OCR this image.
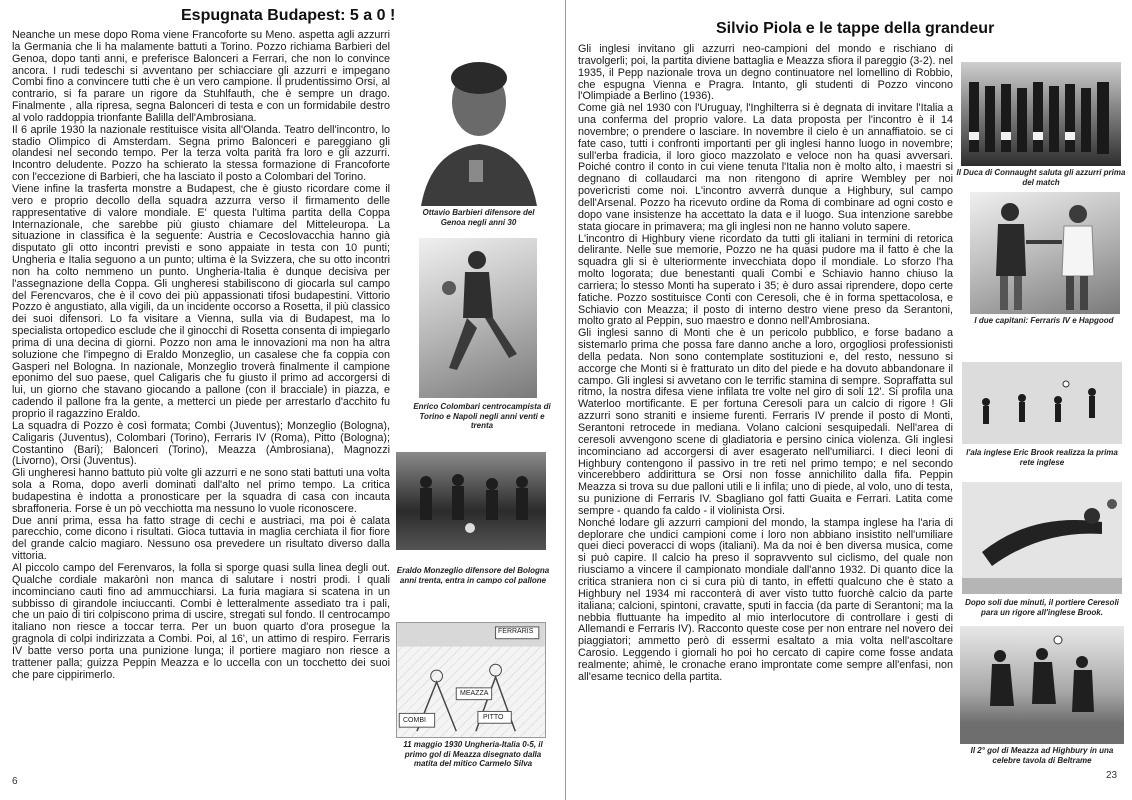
Espugnata Budapest: 5 a 0 !

Neanche un mese dopo Roma viene Francoforte su Meno. aspetta agli azzurri la Germania che li ha malamente battuti a Torino. Pozzo richiama Barbieri del Genoa, dopo tanti anni, e preferisce Balonceri a Ferrari, che non lo convince ancora. I rudi tedeschi si avventano per schiacciare gli azzurri e impegano Combi fino a convincere tutti che è un vero campione. Il prudentissimo Orsi, al contrario, si fa parare un rigore da Stuhlfauth, che è sempre un drago. Finalmente , alla ripresa, segna Balonceri di testa e con un formidabile destro al volo raddoppia trionfante Balilla dell'Ambrosiana.

Il 6 aprile 1930 la nazionale restituisce visita all'Olanda. Teatro dell'incontro, lo stadio Olimpico di Amsterdam. Segna primo Balonceri e pareggiano gli olandesi nel secondo tempo. Per la terza volta parità fra loro e gli azzurri. Incontro deludente. Pozzo ha schierato la stessa formazione di Francoforte con l'eccezione di Barbieri, che ha lasciato il posto a Colombari del Torino.

Viene infine la trasferta monstre a Budapest, che è giusto ricordare come il vero e proprio decollo della squadra azzurra verso il firmamento delle rappresentative di valore mondiale. E' questa l'ultima partita della Coppa Internazionale, che sarebbe più giusto chiamare del Mitteleuropa. La situazione in classifica è la seguente: Austria e Cecoslovacchia hanno già disputato gli otto incontri previsti e sono appaiate in testa con 10 punti; Ungheria e Italia seguono a un punto; ultima è la Svizzera, che su otto incontri non ha colto nemmeno un punto. Ungheria-Italia è dunque decisiva per l'assegnazione della Coppa. Gli ungheresi stabiliscono di giocarla sul campo del Ferencvaros, che è il covo dei più appassionati tifosi budapestini. Vittorio Pozzo è angustiato, alla vigili, da un incidente occorso a Rosetta, il più classico dei suoi difensori. Lo fa visitare a Vienna, sulla via di Budapest, ma lo specialista ortopedico esclude che il ginocchi di Rosetta consenta di impiegarlo prima di una decina di giorni. Pozzo non ama le innovazioni ma non ha altra soluzione che l'impegno di Eraldo Monzeglio, un casalese che fa coppia con Gasperi nel Bologna. In nazionale, Monzeglio troverà finalmente il campione eponimo del suo paese, quel Caligaris che fu giusto il primo ad accorgersi di lui, un giorno che stavano giocando a pallone (con il bracciale) in piazza, e cadendo il pallone fra la gente, a metterci un piede per arrestarlo d'acchito fu proprio il ragazzino Eraldo.

La squadra di Pozzo è così formata; Combi (Juventus); Monzeglio (Bologna), Caligaris (Juventus), Colombari (Torino), Ferraris IV (Roma), Pitto (Bologna); Costantino (Bari); Balonceri (Torino), Meazza (Ambrosiana), Magnozzi (Livorno), Orsi (Juventus).

Gli ungheresi hanno battuto più volte gli azzurri e ne sono stati battuti una volta sola a Roma, dopo averli dominati dall'alto nel primo tempo. La critica budapestina è indotta a pronosticare per la squadra di casa con incauta sbraffoneria. Forse è un pò vecchiotta ma nessuno lo vuole riconoscere.

Due anni prima, essa ha fatto strage di cechi e austriaci, ma poi è calata parecchio, come dicono i risultati. Gioca tuttavia in maglia cerchiata il fior fiore del grande calcio magiaro. Nessuno osa prevedere un risultato diverso dalla vittoria.

Al piccolo campo del Ferenvaros, la folla si sporge quasi sulla linea degli out. Qualche cordiale makarònì non manca di salutare i nostri prodi. I quali incominciano cauti fino ad ammucchiarsi. La furia magiara si scatena in un subbisso di girandole inciuccanti. Combi è letteralmente assediato tra i pali, che un paio di tiri colpiscono prima di uscire, stregati sul fondo. Il centrocampo italiano non riesce a toccar terra. Per un buon quarto d'ora prosegue la gragnola di colpi indirizzata a Combi. Poi, al 16', un attimo di respiro. Ferraris IV batte verso porta una punizione lunga; il portiere magiaro non riesce a trattener palla; guizza Peppin Meazza e lo uccella con un tocchetto dei suoi che pare cippirimerlo.

Ottavio Barbieri difensore del Genoa negli anni 30
Enrico Colombari centrocampista di Torino e Napoli negli anni venti e trenta
Eraldo Monzeglio difensore del Bologna anni trenta, entra in campo col pallone
FERRARIS
MEAZZA
PITTO
COMBI
11 maggio 1930 Ungheria-Italia 0-5, il primo gol di Meazza disegnato dalla matita del mitico Carmelo Silva
6
Silvio Piola e le tappe della grandeur

Gli inglesi invitano gli azzurri neo-campioni del mondo e rischiano di travolgerli; poi, la partita diviene battaglia e Meazza sfiora il pareggio (3-2). nel 1935, il Pepp nazionale trova un degno continuatore nel lomellino di Robbio, che espugna Vienna e Pragra. Intanto, gli studenti di Pozzo vincono l'Olimpiade a Berlino (1936).

Come già nel 1930 con l'Uruguay, l'Inghilterra si è degnata di invitare l'Italia a una conferma del proprio valore. La data proposta per l'incontro è il 14 novembre; o prendere o lasciare. In novembre il cielo è un annaffiatoio. se ci fate caso, tutti i confronti importanti per gli inglesi hanno luogo in novembre; sull'erba fradicia, il loro gioco mazzolato e veloce non ha quasi avversari. Poiché contro il conto in cui viene tenuta l'Italia non è molto alto, i maestri si degnano di collaudarci ma non ritengono di aprire Wembley per noi poverìcristi come noi. L'incontro avverrà dunque a Highbury, sul campo dell'Arsenal. Pozzo ha ricevuto ordine da Roma di combinare ad ogni costo e dopo vane insistenze ha accettato la data e il luogo. Sua intenzione sarebbe stata giocare in primavera; ma gli inglesi non ne hanno voluto sapere.

L'incontro di Highbury viene ricordato da tutti gli italiani in termini di retorica delirante. Nelle sue memorie, Pozzo ne ha quasi pudore ma il fatto è che la squadra gli si è ulteriormente invecchiata dopo il mondiale. Lo sforzo l'ha molto logorata; due benestanti quali Combi e Schiavio hanno chiuso la carriera; lo stesso Monti ha superato i 35; è duro assai riprendere, dopo certe fatiche. Pozzo sostituisce Conti con Ceresoli, che è in forma spettacolosa, e Schiavio con Meazza; il posto di interno destro viene preso da Serantoni, molto grato al Peppin, suo maestro e donno nell'Ambrosiana.

Gli inglesi sanno di Monti che è un pericolo pubblico, e forse badano a sistemarlo prima che possa fare danno anche a loro, orgogliosi professionisti della pedata. Non sono contemplate sostituzioni e, del resto, nessuno si accorge che Monti si è fratturato un dito del piede e ha dovuto abbandonare il campo. Gli inglesi si avvetano con le terrific stamina di sempre. Sopraffatta sul ritmo, la nostra difesa viene infilata tre volte nel giro di soli 12'. Si profila una Waterloo mortificante. E per fortuna Ceresoli para un calcio di rigore ! Gli azzurri sono straniti e insieme furenti. Ferraris IV prende il posto di Monti, Serantoni retrocede in mediana. Volano calcioni sesquipedali. Nell'area di ceresoli avvengono scene di gladiatoria e persino cinica violenza. Gli inglesi incominciano ad accorgersi di aver esagerato nell'umiliarci. I dieci leoni di Highbury contengono il passivo in tre reti nel primo tempo; e nel secondo vincerebbero addirittura se Orsi non fosse annichilito dalla fifa. Peppin Meazza si trova su due palloni utili e li infila; uno di piede, al volo, uno di testa, su punizione di Ferraris IV. Sbagliano gol fatti Guaita e Ferrari. Latita come sempre - quando fa caldo - il violinista Orsi.

Nonché lodare gli azzurri campioni del mondo, la stampa inglese ha l'aria di deplorare che undici campioni come i loro non abbiano insistito nell'umiliare quei dieci poveracci di wops (italiani). Ma da noi è ben diversa musica, come si può capire. Il calcio ha preso il sopravvento sul ciclismo, del quale non riusciamo a vincere il campionato mondiale dall'anno 1932. Di quanto dice la critica straniera non ci si cura più di tanto, in effetti qualcuno che è stato a Highbury nel 1934 mi racconterà di aver visto tutto fuorchè calcio da parte italiana; calcioni, spintoni, cravatte, sputi in faccia (da parte di Serantoni; ma la nebbia fluttuante ha impedito al mio interlocutore di controllare i gesti di Allemandi e Ferraris IV). Racconto queste cose per non entrare nel novero dei piaggiatori; ammetto però di essermi esaltato a mia volta nell'ascoltare Carosio. Leggendo i giornali ho poi ho cercato di capire come fosse andata realmente; ahimè, le cronache erano improntate come sempre all'enfasi, non all'esame tecnico della partita.

Il Duca di Connaught saluta gli azzurri prima del match
I due capitani: Ferraris IV e Hapgood
l'ala inglese Eric Brook realizza la prima rete inglese
Dopo soli due minuti, il portiere Ceresoli para un rigore all'inglese Brook.
Il 2° gol di Meazza ad Highbury in una celebre tavola di Beltrame
23
